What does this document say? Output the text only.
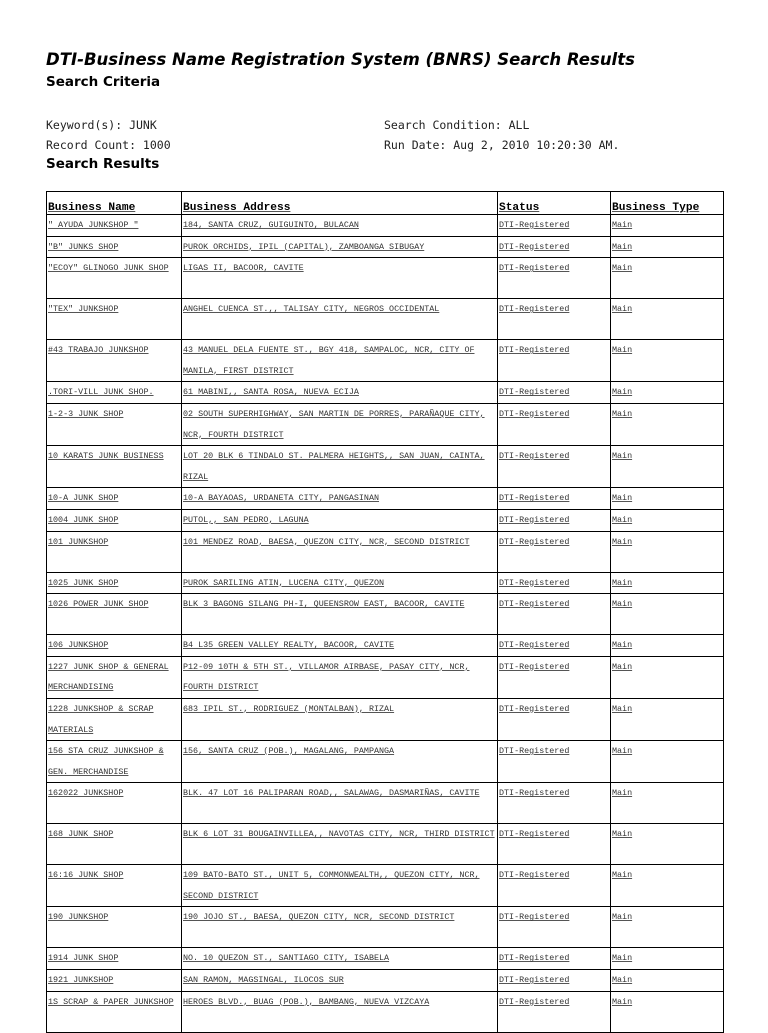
DTI-Business Name Registration System (BNRS) Search Results
Search Criteria
Keyword(s): JUNK	Search Condition: ALL
Record Count: 1000	Run Date: Aug 2, 2010 10:20:30 AM.
Search Results
Business Name	Business Address	Status	Business Type

" AYUDA JUNKSHOP "	184, SANTA CRUZ, GUIGUINTO, BULACAN	DTI-Registered	Main

"B" JUNKS SHOP	PUROK ORCHIDS, IPIL (CAPITAL), ZAMBOANGA SIBUGAY	DTI-Registered	Main

"ECOY" GLINOGO JUNK SHOP	LIGAS II, BACOOR, CAVITE	DTI-Registered	Main

"TEX" JUNKSHOP	ANGHEL CUENCA ST.,, TALISAY CITY, NEGROS OCCIDENTAL	DTI-Registered	Main

#43 TRABAJO JUNKSHOP	43 MANUEL DELA FUENTE ST., BGY 418, SAMPALOC, NCR, CITY OF MANILA, FIRST DISTRICT	DTI-Registered	Main

.TORI-VILL JUNK SHOP.	61 MABINI,, SANTA ROSA, NUEVA ECIJA	DTI-Registered	Main

1-2-3 JUNK SHOP	02 SOUTH SUPERHIGHWAY, SAN MARTIN DE PORRES, PARAÑAQUE CITY, NCR, FOURTH DISTRICT	DTI-Registered	Main

10 KARATS JUNK BUSINESS	LOT 20 BLK 6 TINDALO ST. PALMERA HEIGHTS,, SAN JUAN, CAINTA, RIZAL	DTI-Registered	Main

10-A JUNK SHOP	10-A BAYAOAS, URDANETA CITY, PANGASINAN	DTI-Registered	Main

1004 JUNK SHOP	PUTOL,, SAN PEDRO, LAGUNA	DTI-Registered	Main

101 JUNKSHOP	101 MENDEZ ROAD, BAESA, QUEZON CITY, NCR, SECOND DISTRICT	DTI-Registered	Main

1025 JUNK SHOP	PUROK SARILING ATIN, LUCENA CITY, QUEZON	DTI-Registered	Main

1026 POWER JUNK SHOP	BLK 3 BAGONG SILANG PH-I, QUEENSROW EAST, BACOOR, CAVITE	DTI-Registered	Main

106 JUNKSHOP	B4 L35 GREEN VALLEY REALTY, BACOOR, CAVITE	DTI-Registered	Main

1227 JUNK SHOP & GENERAL MERCHANDISING	P12-09 10TH & 5TH ST., VILLAMOR AIRBASE, PASAY CITY, NCR, FOURTH DISTRICT	DTI-Registered	Main

1228 JUNKSHOP & SCRAP MATERIALS	683 IPIL ST., RODRIGUEZ (MONTALBAN), RIZAL	DTI-Registered	Main

156 STA CRUZ JUNKSHOP & GEN. MERCHANDISE	156, SANTA CRUZ (POB.), MAGALANG, PAMPANGA	DTI-Registered	Main

162022 JUNKSHOP	BLK. 47 LOT 16 PALIPARAN ROAD,, SALAWAG, DASMARIÑAS, CAVITE	DTI-Registered	Main

168 JUNK SHOP	BLK 6 LOT 31 BOUGAINVILLEA,, NAVOTAS CITY, NCR, THIRD DISTRICT	DTI-Registered	Main

16:16 JUNK SHOP	109 BATO-BATO ST., UNIT 5, COMMONWEALTH,, QUEZON CITY, NCR, SECOND DISTRICT	DTI-Registered	Main

190 JUNKSHOP	190 JOJO ST., BAESA, QUEZON CITY, NCR, SECOND DISTRICT	DTI-Registered	Main

1914 JUNK SHOP	NO. 10 QUEZON ST., SANTIAGO CITY, ISABELA	DTI-Registered	Main

1921 JUNKSHOP	SAN RAMON, MAGSINGAL, ILOCOS SUR	DTI-Registered	Main

1S SCRAP & PAPER JUNKSHOP	HEROES BLVD., BUAG (POB.), BAMBANG, NUEVA VIZCAYA	DTI-Registered	Main
